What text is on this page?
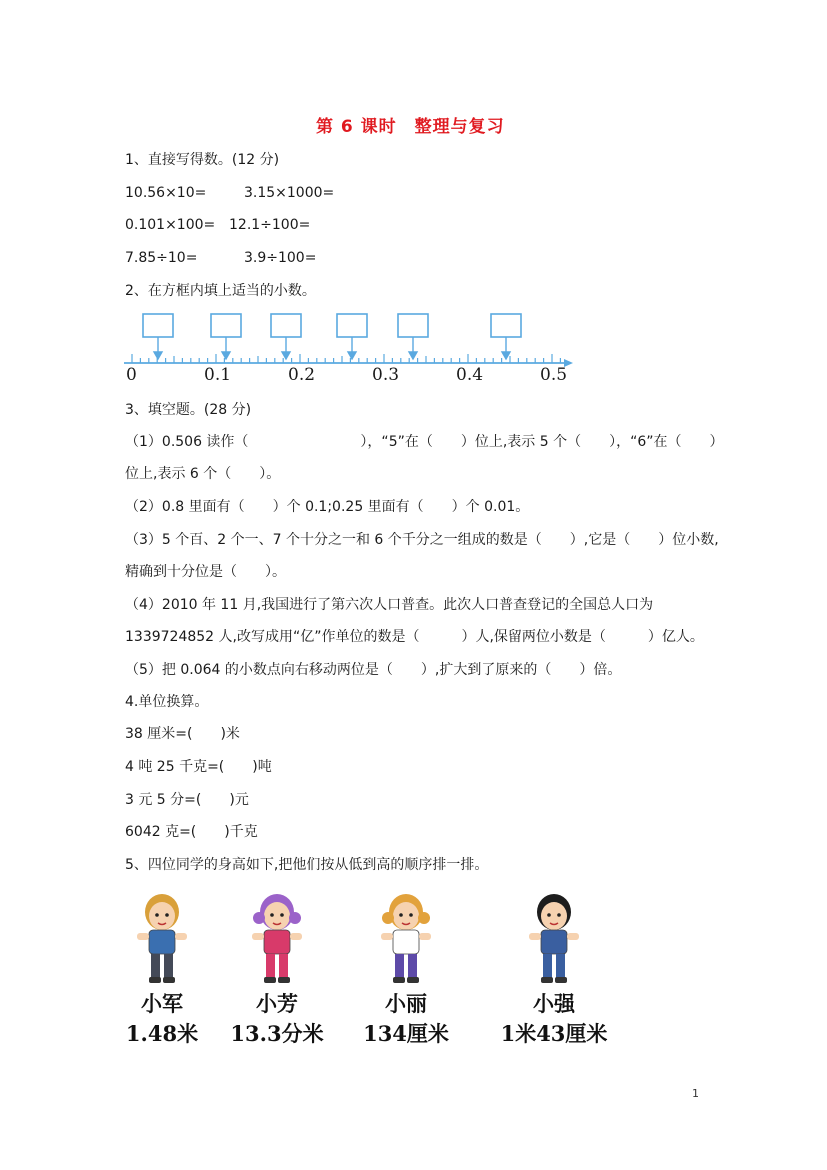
第 6 课时　整理与复习
1、直接写得数。(12 分)
10.56×10=	3.15×1000=
0.101×100= 12.1÷100=
7.85÷10=	3.9÷100=
2、在方框内填上适当的小数。
0	0.1	0.2	0.3	0.4	0.5
3、填空题。(28 分)
（1）0.506 读作（　　　　　　　　），“5”在（　　）位上,表示 5 个（　　），“6”在（　　）
位上,表示 6 个（　　）。
（2）0.8 里面有（　　）个 0.1;0.25 里面有（　　）个 0.01。
（3）5 个百、2 个一、7 个十分之一和 6 个千分之一组成的数是（　　）,它是（　　）位小数,
精确到十分位是（　　）。
（4）2010 年 11 月,我国进行了第六次人口普查。此次人口普查登记的全国总人口为
1339724852 人,改写成用“亿”作单位的数是（　　　）人,保留两位小数是（　　　）亿人。
（5）把 0.064 的小数点向右移动两位是（　　）,扩大到了原来的（　　）倍。
4.单位换算。
38 厘米=(　　)米
4 吨 25 千克=(　　)吨
3 元 5 分=(　　)元
6042 克=(　　)千克
5、四位同学的身高如下,把他们按从低到高的顺序排一排。
小军
1.48米
小芳
13.3分米
小丽
134厘米
小强
1米43厘米
1
